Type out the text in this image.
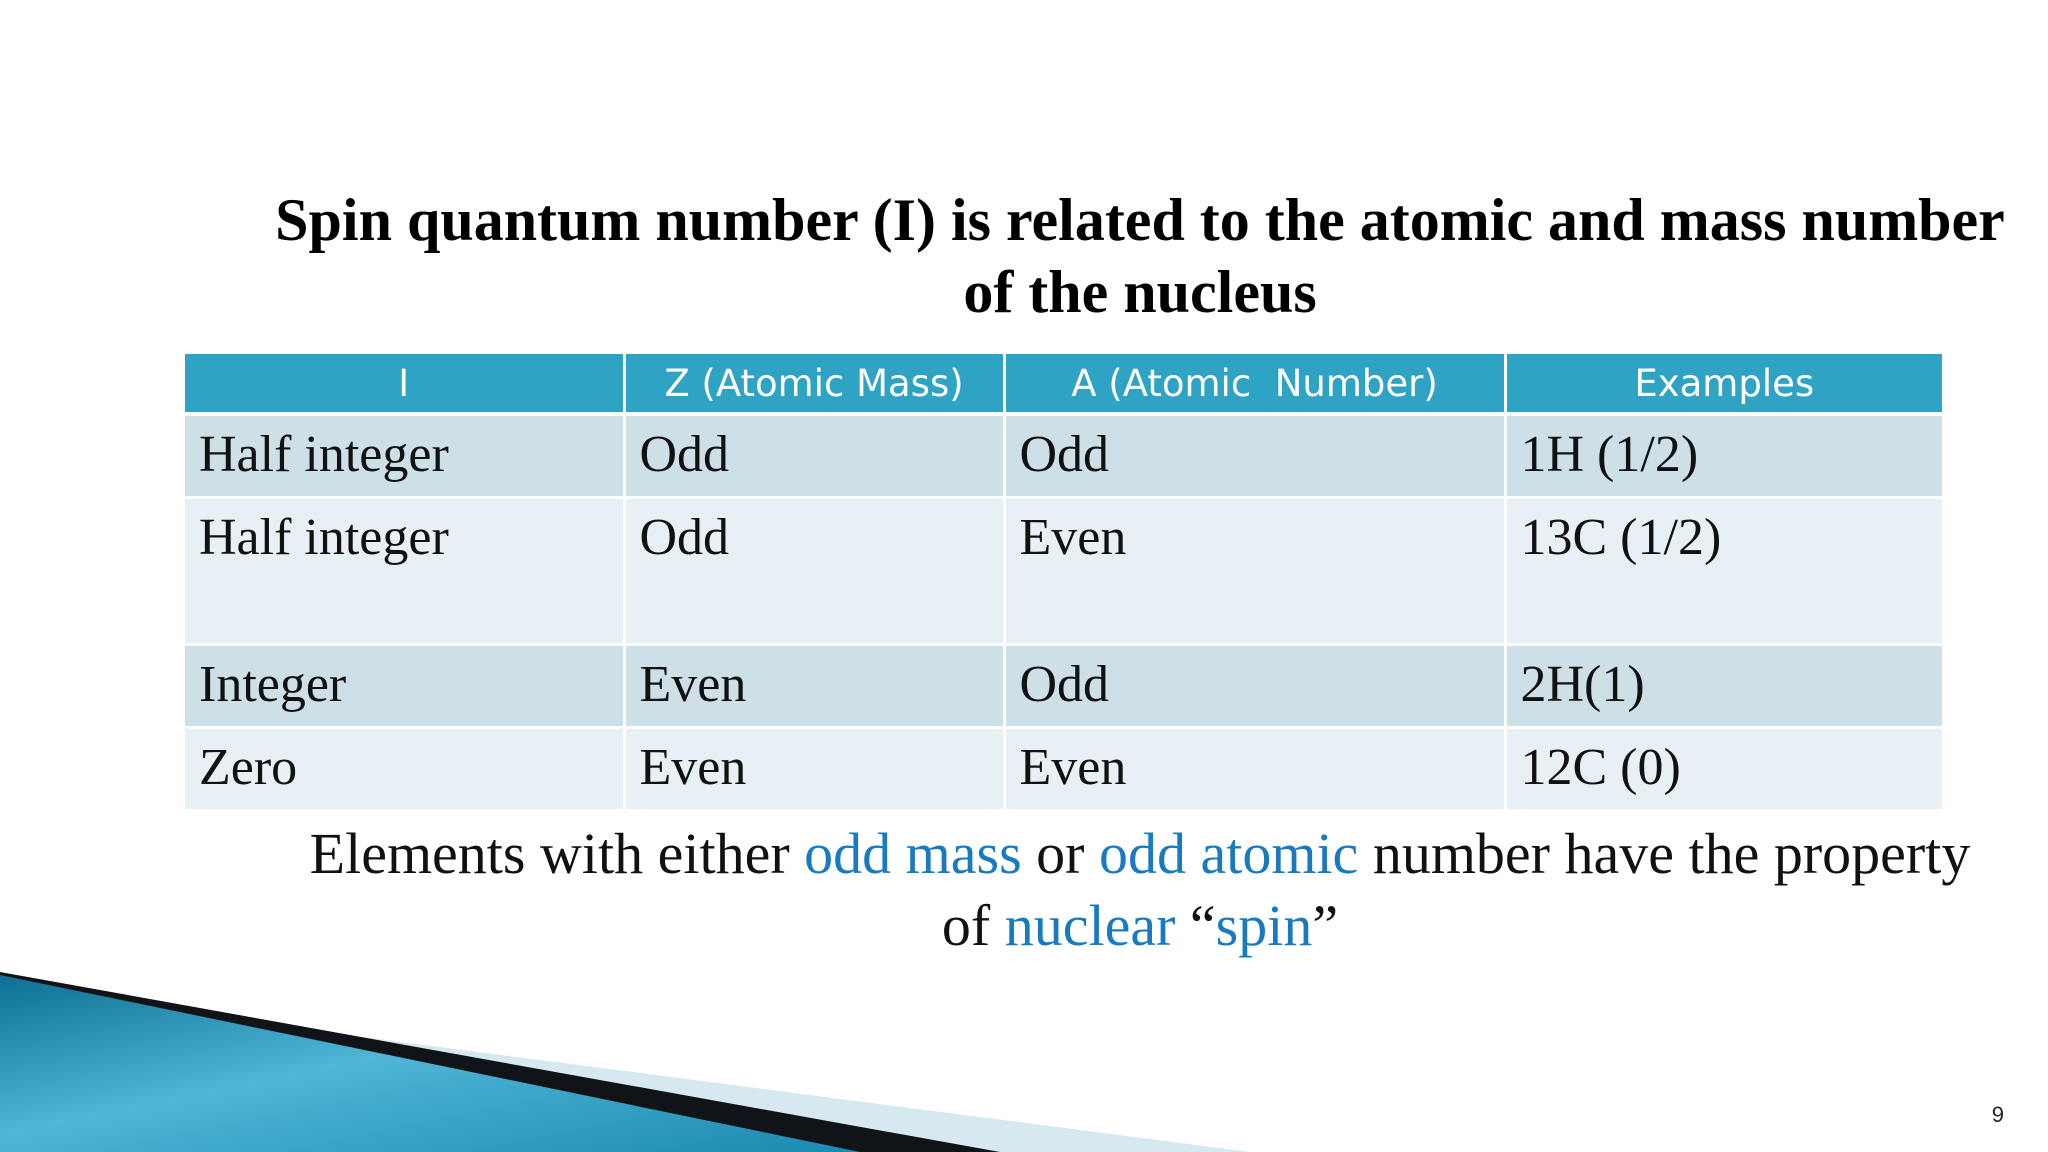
Spin quantum number (I) is related to the atomic and mass number
of the nucleus
I	Z (Atomic Mass)	A (Atomic  Number)	Examples
Half integer	Odd	Odd	1H (1/2)
Half integer	Odd	Even	13C (1/2)
Integer	Even	Odd	2H(1)
Zero	Even	Even	12C (0)
Elements with either odd mass or odd atomic number have the property
of nuclear “spin”
9
